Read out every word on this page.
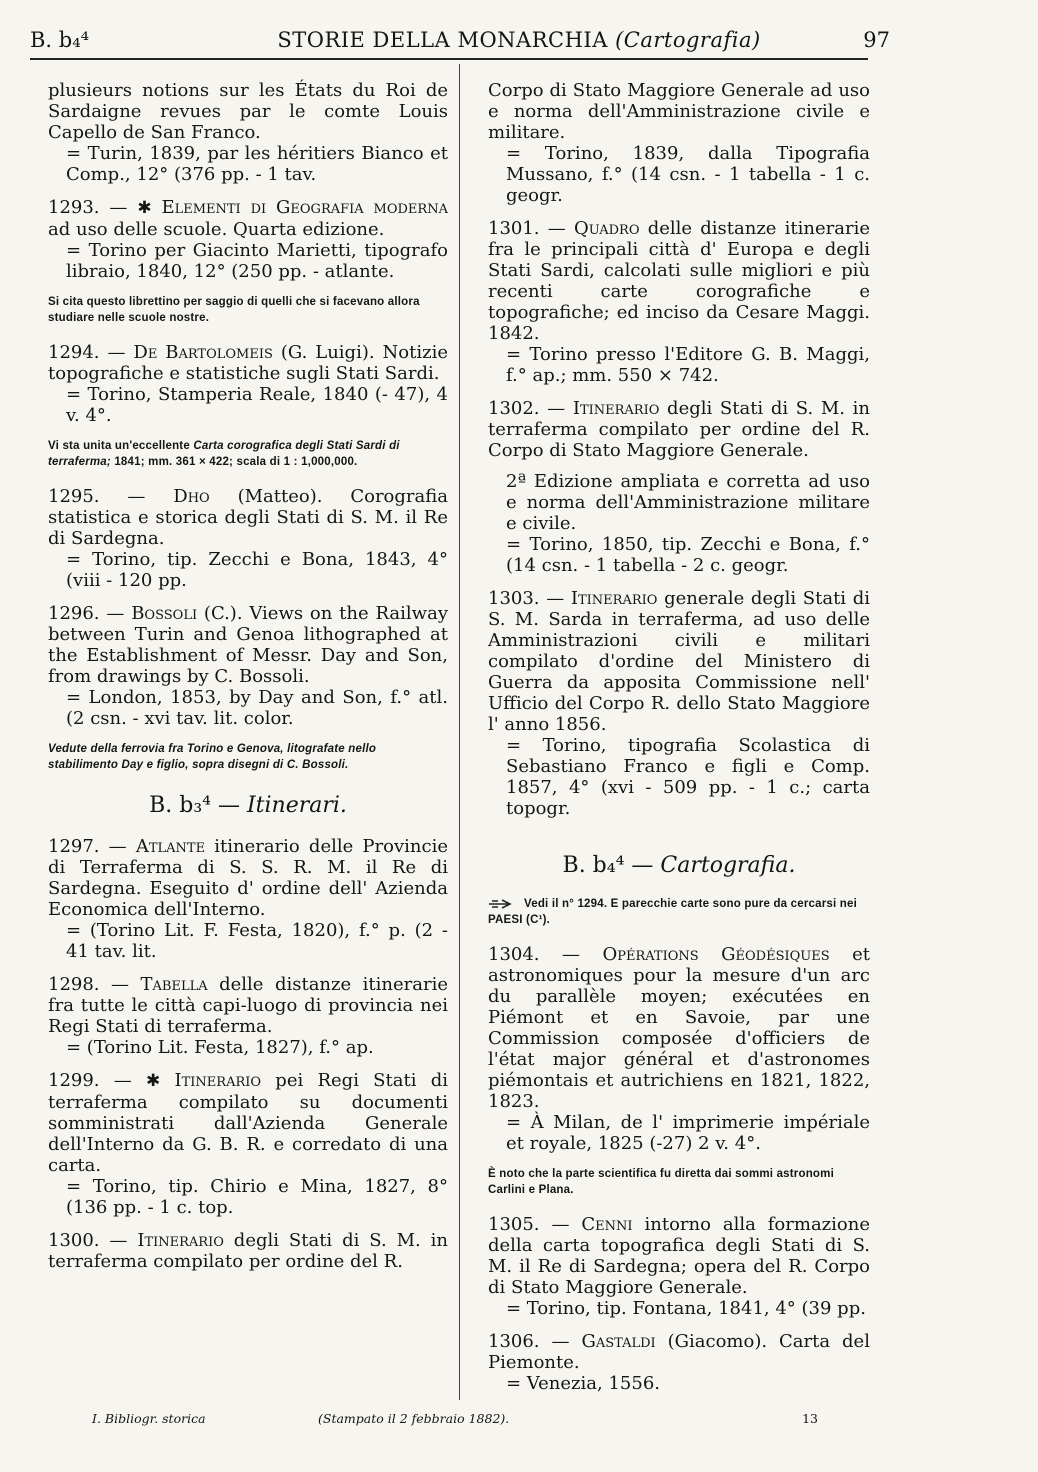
B. b₄⁴	STORIE DELLA MONARCHIA (Cartografia)	97

plusieurs notions sur les États du Roi de Sardaigne revues par le comte Louis Capello de San Franco.

= Turin, 1839, par les héritiers Bianco et Comp., 12° (376 pp. - 1 tav.

1293. — ✱ Elementi di Geografia moderna ad uso delle scuole. Quarta edizione.

= Torino per Giacinto Marietti, tipografo libraio, 1840, 12° (250 pp. - atlante.

Si cita questo librettino per saggio di quelli che si facevano allora studiare nelle scuole nostre.

1294. — De Bartolomeis (G. Luigi). Notizie topografiche e statistiche sugli Stati Sardi.

= Torino, Stamperia Reale, 1840 (- 47), 4 v. 4°.

Vi sta unita un'eccellente Carta corografica degli Stati Sardi di terraferma; 1841; mm. 361 × 422; scala di 1 : 1,000,000.

1295. — Dho (Matteo). Corografia statistica e storica degli Stati di S. M. il Re di Sardegna.

= Torino, tip. Zecchi e Bona, 1843, 4° (viii - 120 pp.

1296. — Bossoli (C.). Views on the Railway between Turin and Genoa lithographed at the Establishment of Messr. Day and Son, from drawings by C. Bossoli.

= London, 1853, by Day and Son, f.° atl. (2 csn. - xvi tav. lit. color.

Vedute della ferrovia fra Torino e Genova, litografate nello stabilimento Day e figlio, sopra disegni di C. Bossoli.
B. b₃⁴ — Itinerari.

1297. — Atlante itinerario delle Provincie di Terraferma di S. S. R. M. il Re di Sardegna. Eseguito d' ordine dell' Azienda Economica dell'Interno.

= (Torino Lit. F. Festa, 1820), f.° p. (2 - 41 tav. lit.

1298. — Tabella delle distanze itinerarie fra tutte le città capi-luogo di provincia nei Regi Stati di terraferma.

= (Torino Lit. Festa, 1827), f.° ap.

1299. — ✱ Itinerario pei Regi Stati di terraferma compilato su documenti somministrati dall'Azienda Generale dell'Interno da G. B. R. e corredato di una carta.

= Torino, tip. Chirio e Mina, 1827, 8° (136 pp. - 1 c. top.

1300. — Itinerario degli Stati di S. M. in terraferma compilato per ordine del R.

Corpo di Stato Maggiore Generale ad uso e norma dell'Amministrazione civile e militare.

= Torino, 1839, dalla Tipografia Mussano, f.° (14 csn. - 1 tabella - 1 c. geogr.

1301. — Quadro delle distanze itinerarie fra le principali città d' Europa e degli Stati Sardi, calcolati sulle migliori e più recenti carte corografiche e topografiche; ed inciso da Cesare Maggi. 1842.

= Torino presso l'Editore G. B. Maggi, f.° ap.; mm. 550 × 742.

1302. — Itinerario degli Stati di S. M. in terraferma compilato per ordine del R. Corpo di Stato Maggiore Generale.

2ª Edizione ampliata e corretta ad uso e norma dell'Amministrazione militare e civile.

= Torino, 1850, tip. Zecchi e Bona, f.° (14 csn. - 1 tabella - 2 c. geogr.

1303. — Itinerario generale degli Stati di S. M. Sarda in terraferma, ad uso delle Amministrazioni civili e militari compilato d'ordine del Ministero di Guerra da apposita Commissione nell' Ufficio del Corpo R. dello Stato Maggiore l' anno 1856.

= Torino, tipografia Scolastica di Sebastiano Franco e figli e Comp. 1857, 4° (xvi - 509 pp. - 1 c.; carta topogr.

B. b₄⁴ — Cartografia.
Vedi il n° 1294. E parecchie carte sono pure da cercarsi nei PAESI (C¹).

1304. — Opérations Géodésiques et astronomiques pour la mesure d'un arc du parallèle moyen; exécutées en Piémont et en Savoie, par une Commission composée d'officiers de l'état major général et d'astronomes piémontais et autrichiens en 1821, 1822, 1823.

= À Milan, de l' imprimerie impériale et royale, 1825 (-27) 2 v. 4°.

È noto che la parte scientifica fu diretta dai sommi astronomi Carlini e Plana.

1305. — Cenni intorno alla formazione della carta topografica degli Stati di S. M. il Re di Sardegna; opera del R. Corpo di Stato Maggiore Generale.

= Torino, tip. Fontana, 1841, 4° (39 pp.

1306. — Gastaldi (Giacomo). Carta del Piemonte.

= Venezia, 1556.

I. Bibliogr. storica	(Stampato il 2 febbraio 1882).	13
